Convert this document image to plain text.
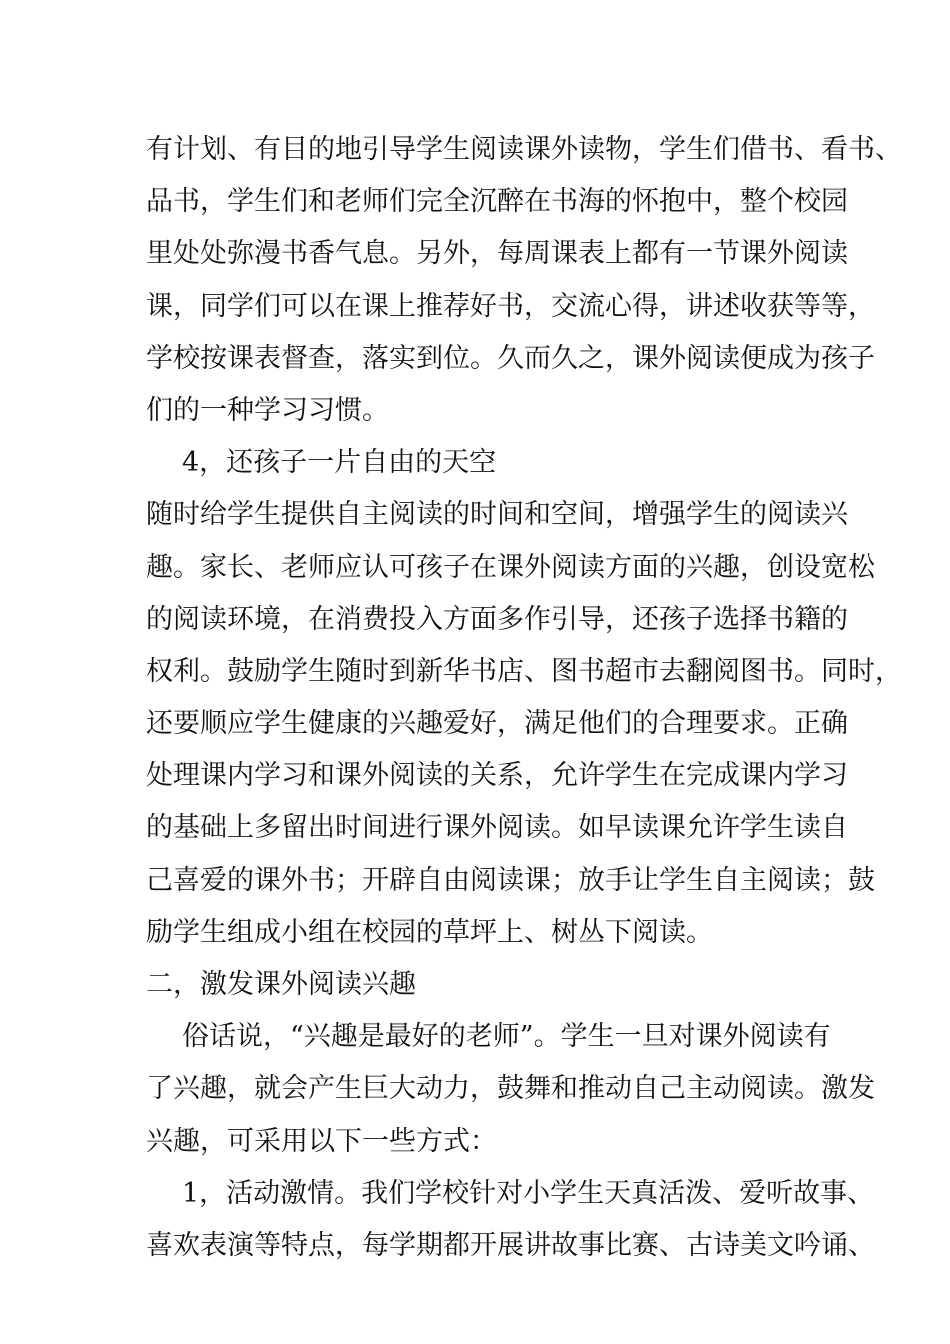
有计划、有目的地引导学生阅读课外读物，学生们借书、看书、
品书，学生们和老师们完全沉醉在书海的怀抱中，整个校园
里处处弥漫书香气息。另外，每周课表上都有一节课外阅读
课，同学们可以在课上推荐好书，交流心得，讲述收获等等，
学校按课表督查，落实到位。久而久之，课外阅读便成为孩子
们的一种学习习惯。
4，还孩子一片自由的天空
随时给学生提供自主阅读的时间和空间，增强学生的阅读兴
趣。家长、老师应认可孩子在课外阅读方面的兴趣，创设宽松
的阅读环境，在消费投入方面多作引导，还孩子选择书籍的
权利。鼓励学生随时到新华书店、图书超市去翻阅图书。同时，
还要顺应学生健康的兴趣爱好，满足他们的合理要求。正确
处理课内学习和课外阅读的关系，允许学生在完成课内学习
的基础上多留出时间进行课外阅读。如早读课允许学生读自
己喜爱的课外书；开辟自由阅读课；放手让学生自主阅读；鼓
励学生组成小组在校园的草坪上、树丛下阅读。
二，激发课外阅读兴趣
俗话说，“兴趣是最好的老师”。学生一旦对课外阅读有
了兴趣，就会产生巨大动力，鼓舞和推动自己主动阅读。激发
兴趣，可采用以下一些方式：
1，活动激情。我们学校针对小学生天真活泼、爱听故事、
喜欢表演等特点，每学期都开展讲故事比赛、古诗美文吟诵、
